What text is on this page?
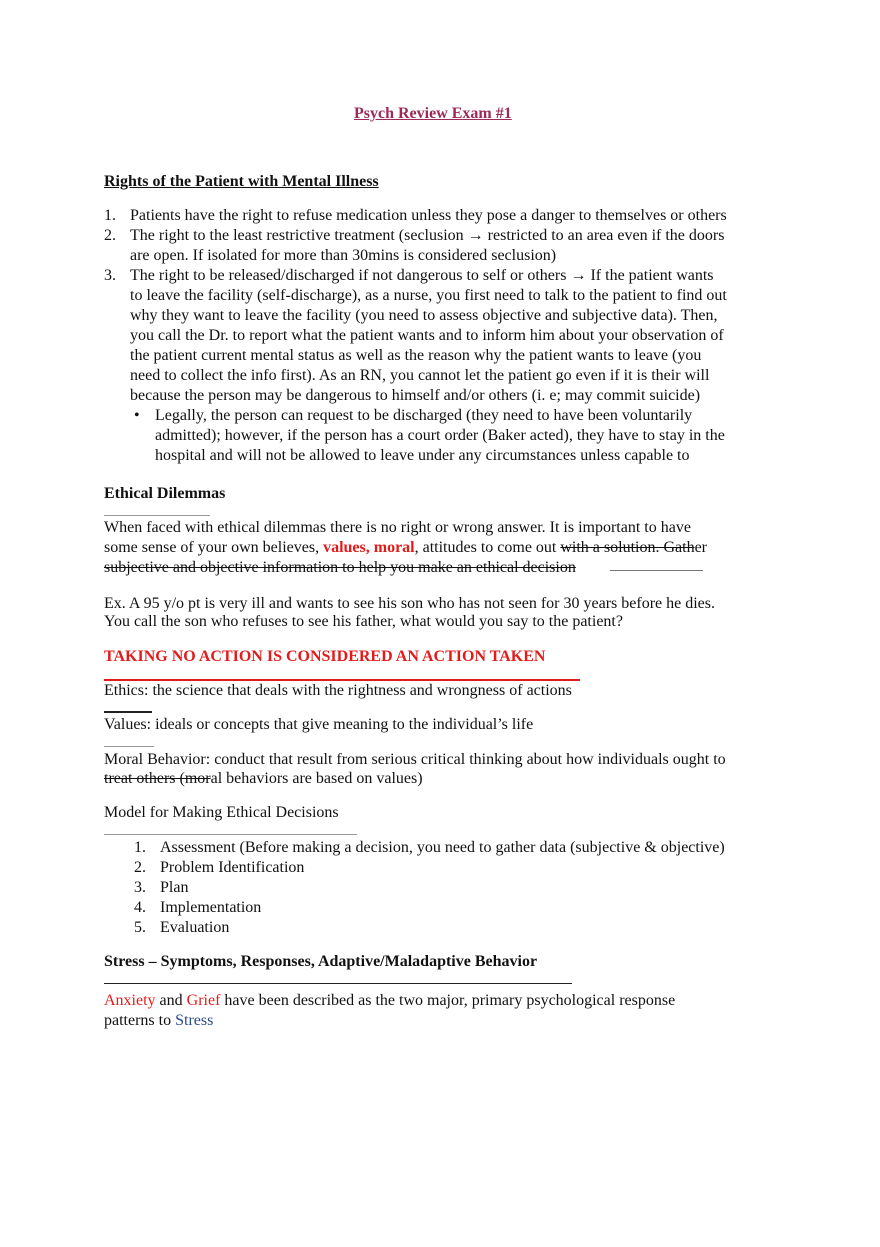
Psych Review Exam #1
Rights of the Patient with Mental Illness
1. Patients have the right to refuse medication unless they pose a danger to themselves or others
2. The right to the least restrictive treatment (seclusion → restricted to an area even if the doors
are open. If isolated for more than 30mins is considered seclusion)
3. The right to be released/discharged if not dangerous to self or others → If the patient wants
to leave the facility (self-discharge), as a nurse, you first need to talk to the patient to find out
why they want to leave the facility (you need to assess objective and subjective data). Then,
you call the Dr. to report what the patient wants and to inform him about your observation of
the patient current mental status as well as the reason why the patient wants to leave (you
need to collect the info first). As an RN, you cannot let the patient go even if it is their will
because the person may be dangerous to himself and/or others (i. e; may commit suicide)
• Legally, the person can request to be discharged (they need to have been voluntarily
admitted); however, if the person has a court order (Baker acted), they have to stay in the
hospital and will not be allowed to leave under any circumstances unless capable to
Ethical Dilemmas
When faced with ethical dilemmas there is no right or wrong answer. It is important to have
some sense of your own believes, values, moral, attitudes to come out with a solution. Gather
subjective and objective information to help you make an ethical decision
Ex. A 95 y/o pt is very ill and wants to see his son who has not seen for 30 years before he dies.
You call the son who refuses to see his father, what would you say to the patient?
TAKING NO ACTION IS CONSIDERED AN ACTION TAKEN
Ethics: the science that deals with the rightness and wrongness of actions
Values: ideals or concepts that give meaning to the individual’s life
Moral Behavior: conduct that result from serious critical thinking about how individuals ought to
treat others (moral behaviors are based on values)
Model for Making Ethical Decisions
1. Assessment (Before making a decision, you need to gather data (subjective & objective)
2. Problem Identification
3. Plan
4. Implementation
5. Evaluation
Stress – Symptoms, Responses, Adaptive/Maladaptive Behavior
Anxiety and Grief have been described as the two major, primary psychological response
patterns to Stress
